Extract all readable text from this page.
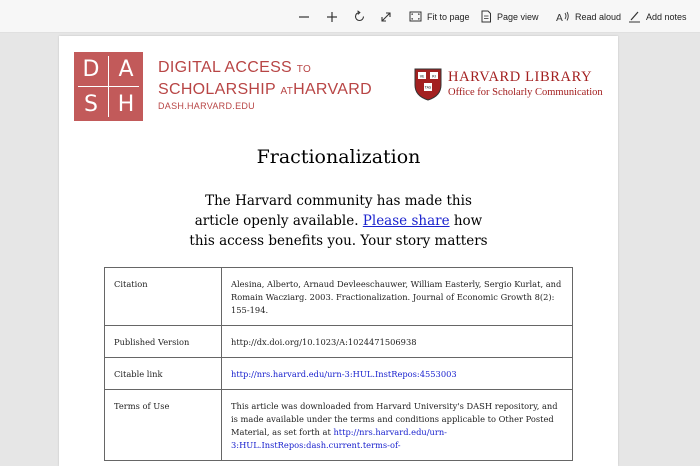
Fit to page	Page view A Read aloud	Add notes
D A
S H
DIGITAL ACCESS TO
SCHOLARSHIP ATHARVARD
DASH.HARVARD.EDU
VE RI
TAS
HARVARD LIBRARY
Office for Scholarly Communication
Fractionalization
The Harvard community has made this
article openly available. Please share how
this access benefits you. Your story matters
Citation	Alesina, Alberto, Arnaud Devleeschauwer, William Easterly, Sergio Kurlat, and Romain Wacziarg. 2003. Fractionalization. Journal of Economic Growth 8(2): 155-194.
Published Version	http://dx.doi.org/10.1023/A:1024471506938
Citable link	http://nrs.harvard.edu/urn-3:HUL.InstRepos:4553003
Terms of Use	This article was downloaded from Harvard University's DASH repository, and is made available under the terms and conditions applicable to Other Posted Material, as set forth at http://nrs.harvard.edu/urn-3:HUL.InstRepos:dash.current.terms-of-
